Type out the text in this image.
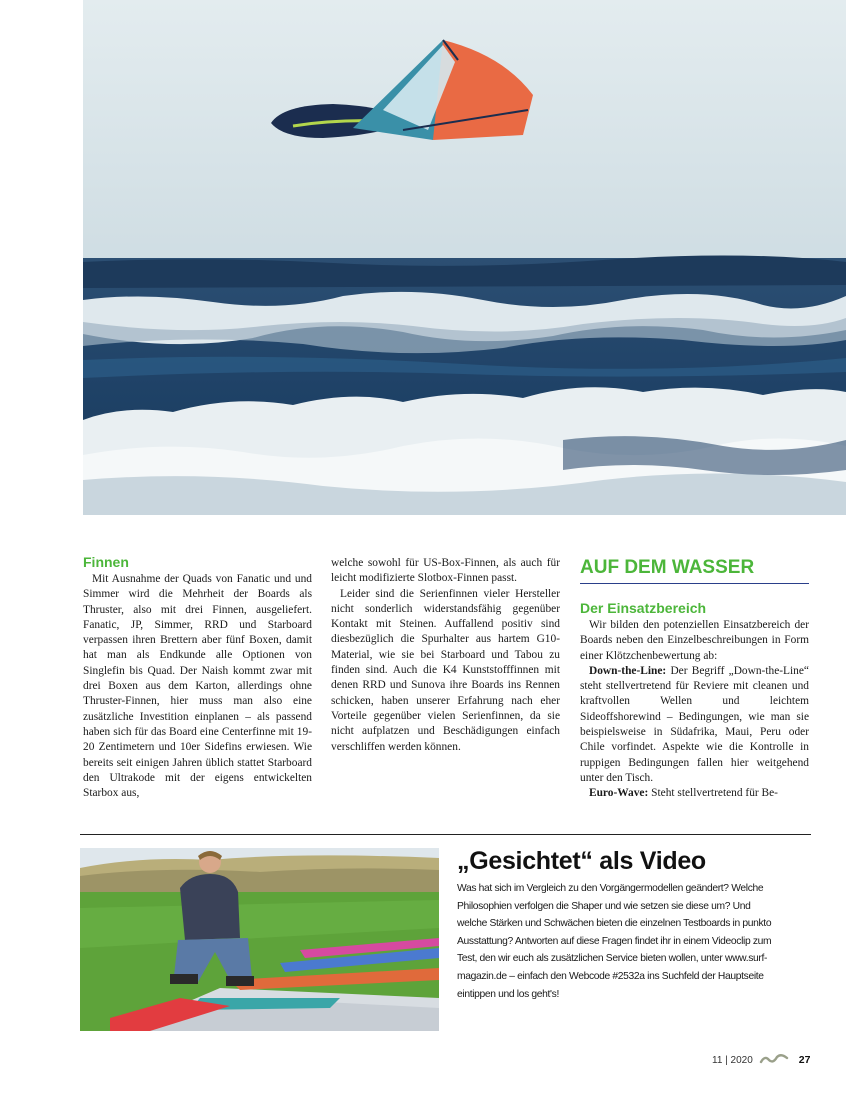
Finnen

Mit Ausnahme der Quads von Fanatic und und Simmer wird die Mehrheit der Boards als Thruster, also mit drei Finnen, ausgeliefert. Fanatic, JP, Simmer, RRD und Starboard verpassen ihren Brettern aber fünf Boxen, damit hat man als Endkunde alle Optionen von Singlefin bis Quad. Der Naish kommt zwar mit drei Boxen aus dem Karton, allerdings ohne Thruster-Finnen, hier muss man also eine zusätzliche Investition einplanen – als passend haben sich für das Board eine Centerfinne mit 19-20 Zentimetern und 10er Sidefins erwiesen. Wie bereits seit einigen Jahren üblich stattet Starboard den Ultrakode mit der eigens entwickelten Starbox aus,

welche sowohl für US-Box-Finnen, als auch für leicht modifizierte Slotbox-Finnen passt.

Leider sind die Serienfinnen vieler Hersteller nicht sonderlich widerstandsfähig gegenüber Kontakt mit Steinen. Auffallend positiv sind diesbezüglich die Spurhalter aus hartem G10-Material, wie sie bei Starboard und Tabou zu finden sind. Auch die K4 Kunststofffinnen mit denen RRD und Sunova ihre Boards ins Rennen schicken, haben unserer Erfahrung nach eher Vorteile gegenüber vielen Serienfinnen, da sie nicht aufplatzen und Beschädigungen einfach verschliffen werden können.

AUF DEM WASSER
Der Einsatzbereich

Wir bilden den potenziellen Einsatzbereich der Boards neben den Einzelbeschreibungen in Form einer Klötzchenbewertung ab:

Down-the-Line: Der Begriff „Down-the-Line“ steht stellvertretend für Reviere mit cleanen und kraftvollen Wellen und leichtem Sideoffshorewind – Bedingungen, wie man sie beispielsweise in Südafrika, Maui, Peru oder Chile vorfindet. Aspekte wie die Kontrolle in ruppigen Bedingungen fallen hier weitgehend unter den Tisch.

Euro-Wave: Steht stellvertretend für Be-

„Gesichtet“ als Video
Was hat sich im Vergleich zu den Vorgängermodellen geändert? Welche Philosophien verfolgen die Shaper und wie setzen sie diese um? Und welche Stärken und Schwächen bieten die einzelnen Testboards in punkto Ausstattung? Antworten auf diese Fragen findet ihr in einem Videoclip zum Test, den wir euch als zusätzlichen Service bieten wollen, unter www.surf-magazin.de – einfach den Webcode #2532a ins Suchfeld der Hauptseite eintippen und los geht's!
11 | 2020	27
